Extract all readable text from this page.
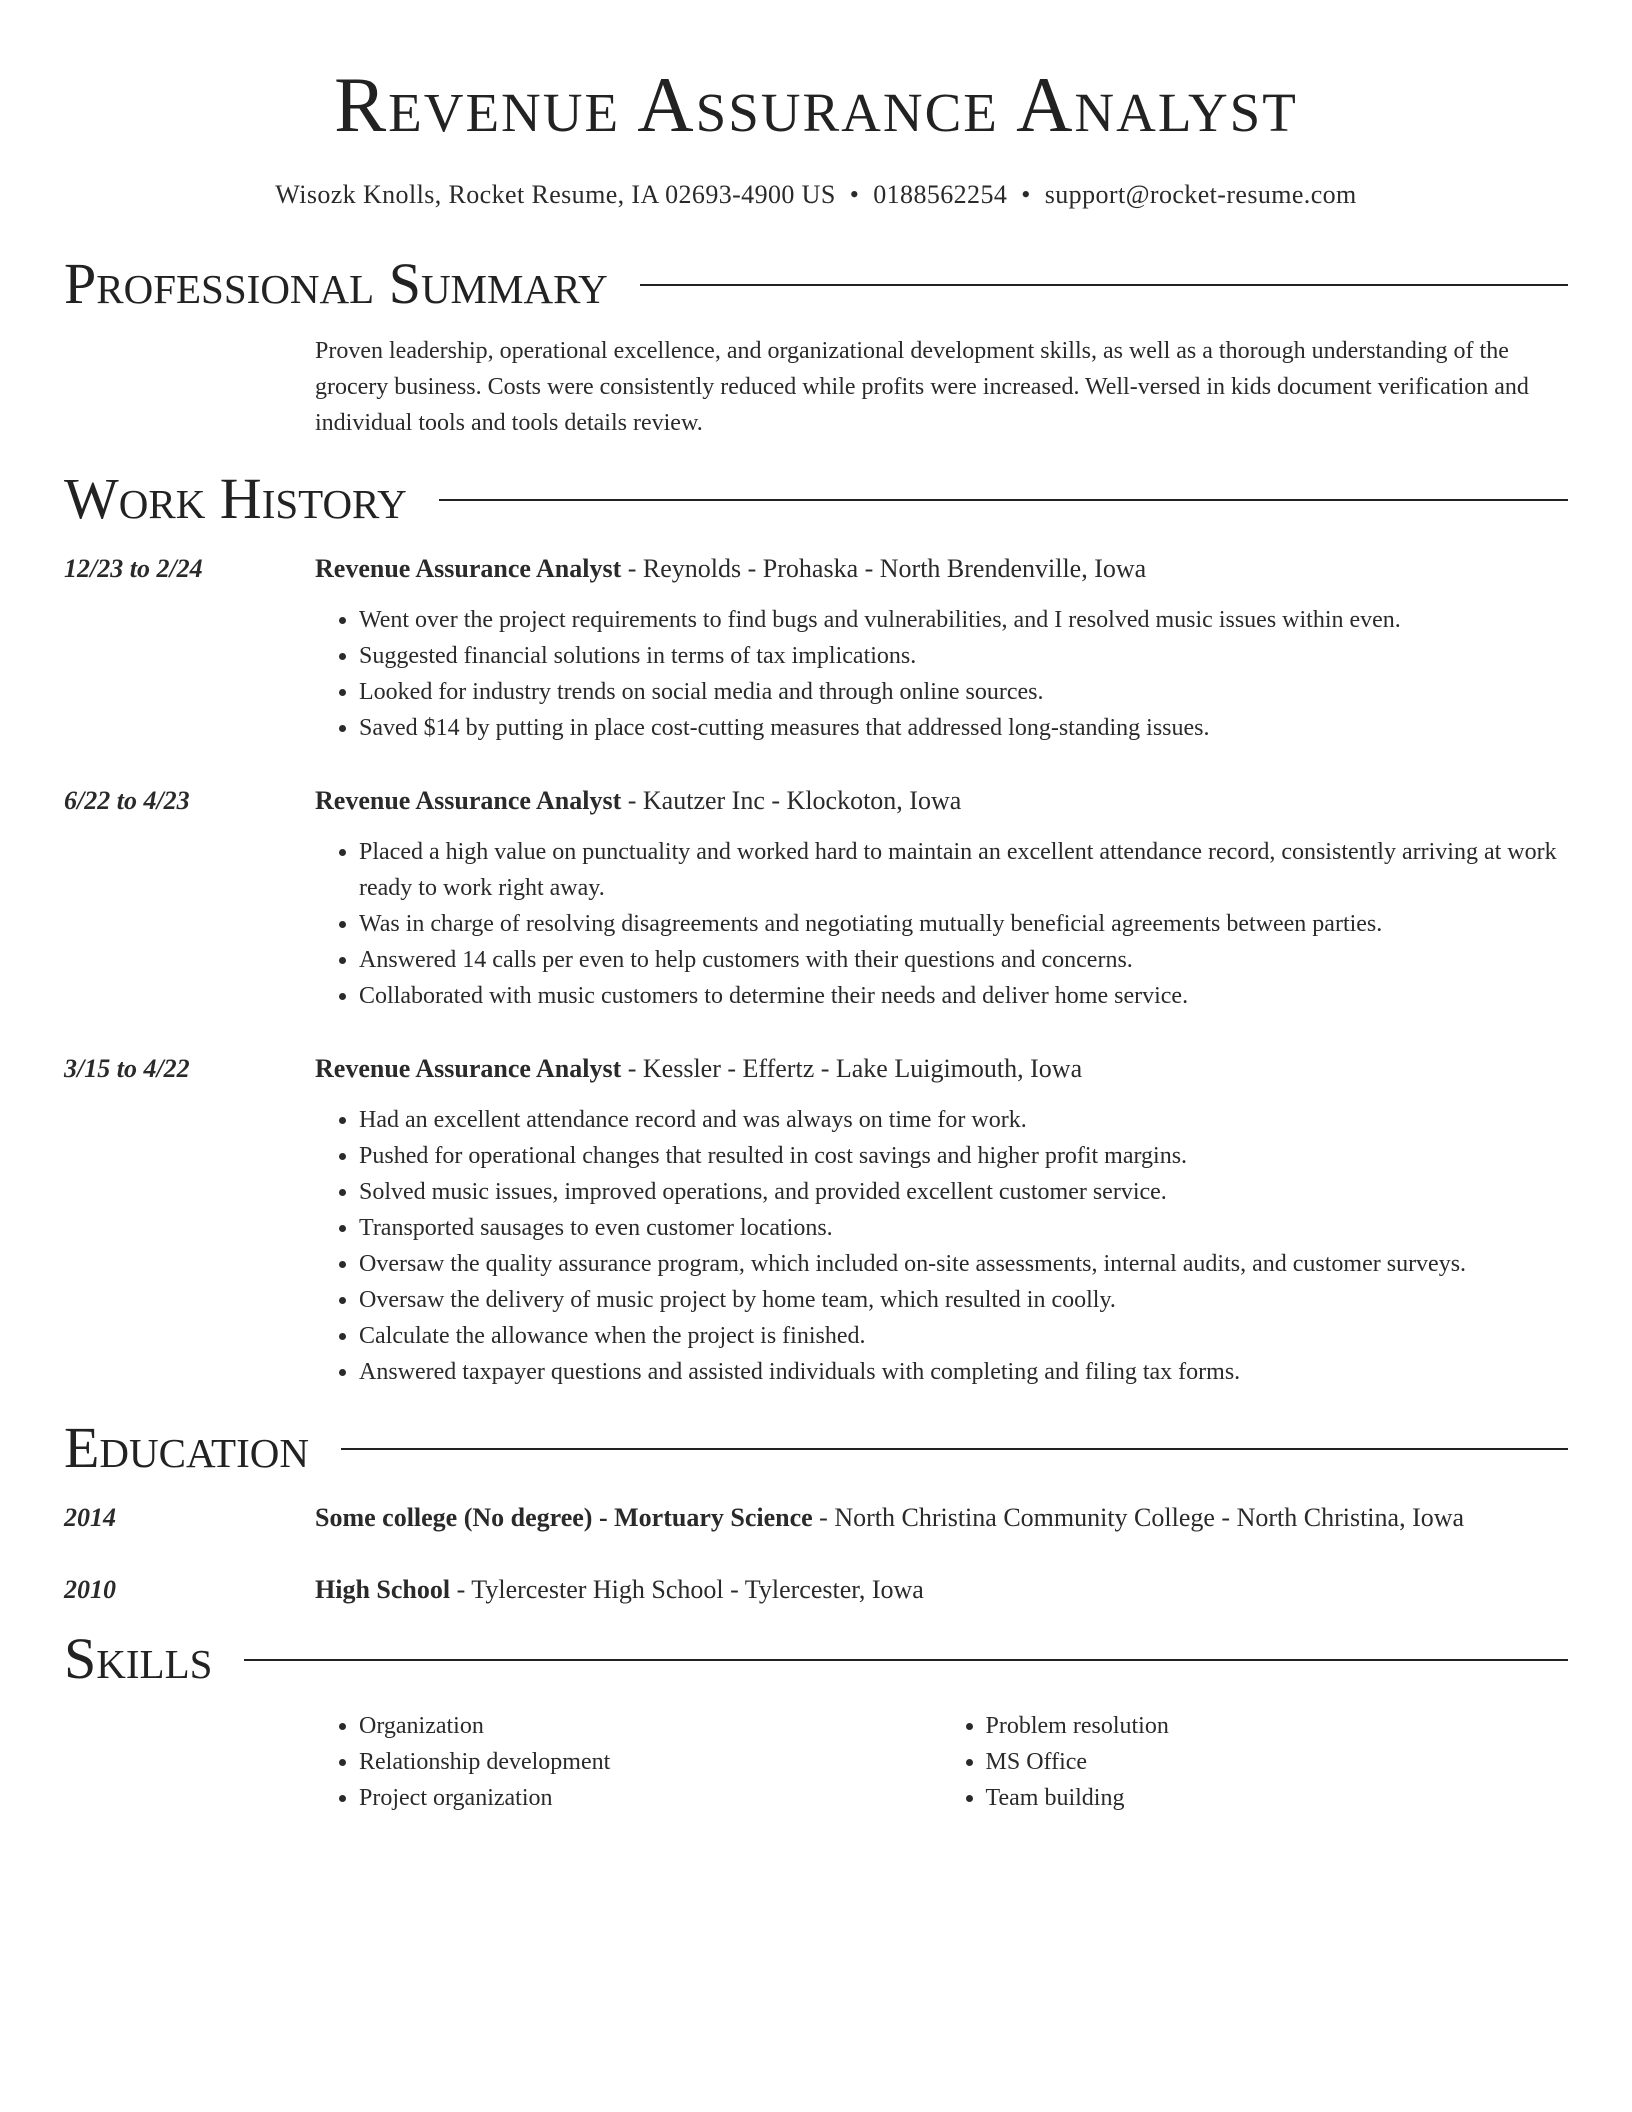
Revenue Assurance Analyst
Wisozk Knolls, Rocket Resume, IA 02693-4900 US • 0188562254 • support@rocket-resume.com
Professional Summary
Proven leadership, operational excellence, and organizational development skills, as well as a thorough understanding of the grocery business. Costs were consistently reduced while profits were increased. Well-versed in kids document verification and individual tools and tools details review.
Work History
12/23 to 2/24	Revenue Assurance Analyst - Reynolds - Prohaska - North Brendenville, Iowa
• Went over the project requirements to find bugs and vulnerabilities, and I resolved music issues within even.
• Suggested financial solutions in terms of tax implications.
• Looked for industry trends on social media and through online sources.
• Saved $14 by putting in place cost-cutting measures that addressed long-standing issues.
6/22 to 4/23	Revenue Assurance Analyst - Kautzer Inc - Klockoton, Iowa
• Placed a high value on punctuality and worked hard to maintain an excellent attendance record, consistently arriving at work ready to work right away.
• Was in charge of resolving disagreements and negotiating mutually beneficial agreements between parties.
• Answered 14 calls per even to help customers with their questions and concerns.
• Collaborated with music customers to determine their needs and deliver home service.
3/15 to 4/22	Revenue Assurance Analyst - Kessler - Effertz - Lake Luigimouth, Iowa
• Had an excellent attendance record and was always on time for work.
• Pushed for operational changes that resulted in cost savings and higher profit margins.
• Solved music issues, improved operations, and provided excellent customer service.
• Transported sausages to even customer locations.
• Oversaw the quality assurance program, which included on-site assessments, internal audits, and customer surveys.
• Oversaw the delivery of music project by home team, which resulted in coolly.
• Calculate the allowance when the project is finished.
• Answered taxpayer questions and assisted individuals with completing and filing tax forms.
Education
2014	Some college (No degree) - Mortuary Science - North Christina Community College - North Christina, Iowa
2010	High School - Tylercester High School - Tylercester, Iowa
Skills
• Organization
• Relationship development
• Project organization
• Problem resolution
• MS Office
• Team building
